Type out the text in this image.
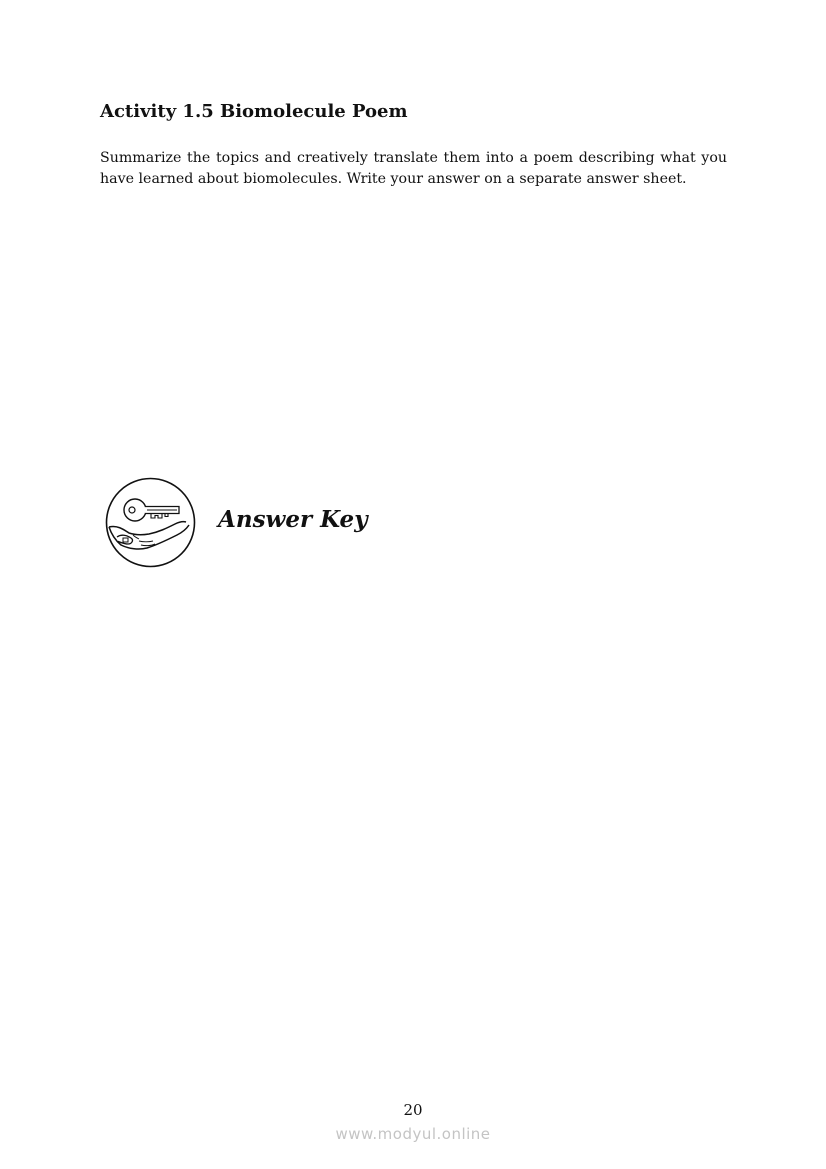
Activity 1.5 Biomolecule Poem

Summarize the topics and creatively translate them into a poem describing what you have learned about biomolecules. Write your answer on a separate answer sheet.

Answer Key
20
www.modyul.online
